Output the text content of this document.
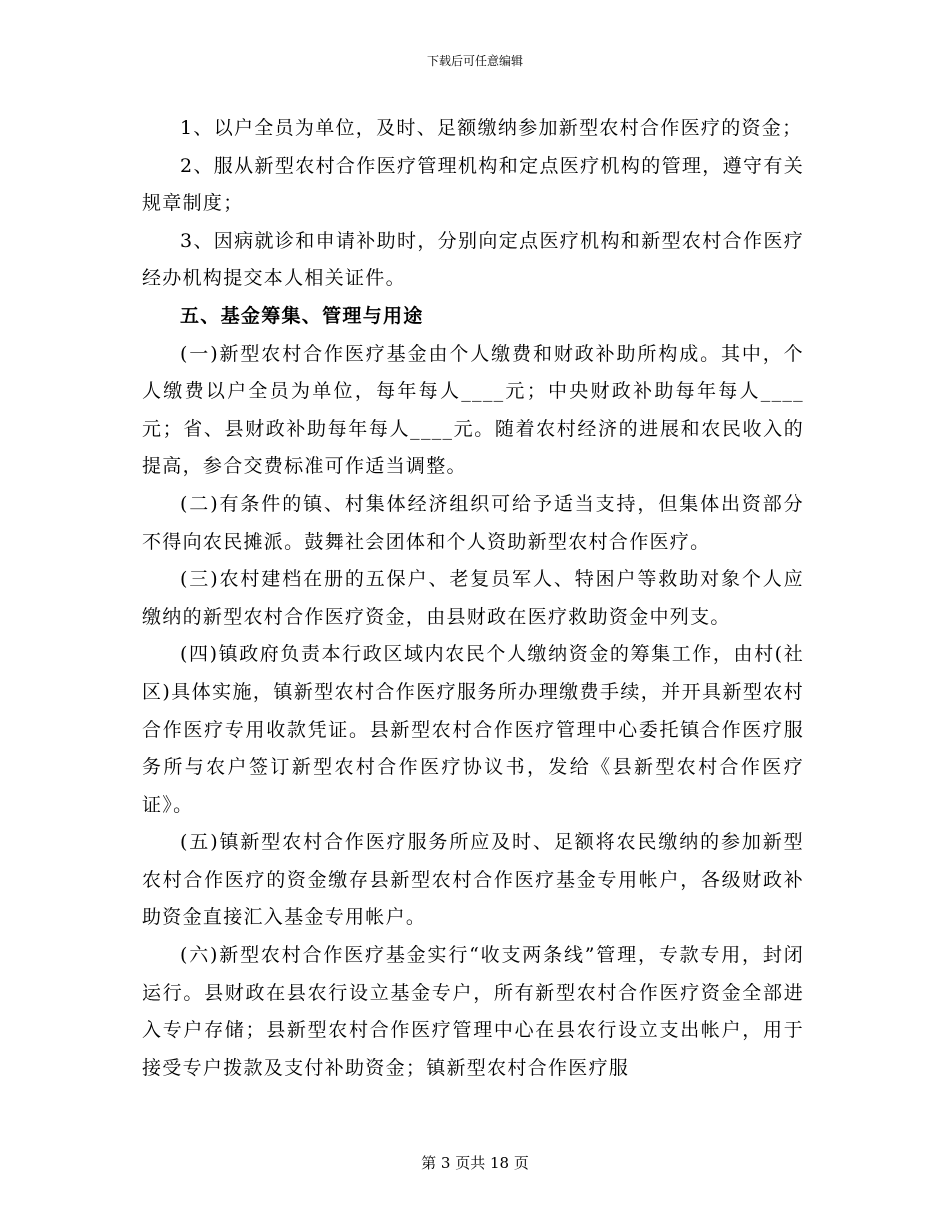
下载后可任意编辑

1、以户全员为单位，及时、足额缴纳参加新型农村合作医疗的资金；

2、服从新型农村合作医疗管理机构和定点医疗机构的管理，遵守有关规章制度；

3、因病就诊和申请补助时，分别向定点医疗机构和新型农村合作医疗经办机构提交本人相关证件。

五、基金筹集、管理与用途

(一)新型农村合作医疗基金由个人缴费和财政补助所构成。其中，个人缴费以户全员为单位，每年每人____元；中央财政补助每年每人____元；省、县财政补助每年每人____元。随着农村经济的进展和农民收入的提高，参合交费标准可作适当调整。

(二)有条件的镇、村集体经济组织可给予适当支持，但集体出资部分不得向农民摊派。鼓舞社会团体和个人资助新型农村合作医疗。

(三)农村建档在册的五保户、老复员军人、特困户等救助对象个人应缴纳的新型农村合作医疗资金，由县财政在医疗救助资金中列支。

(四)镇政府负责本行政区域内农民个人缴纳资金的筹集工作，由村(社区)具体实施，镇新型农村合作医疗服务所办理缴费手续，并开具新型农村合作医疗专用收款凭证。县新型农村合作医疗管理中心委托镇合作医疗服务所与农户签订新型农村合作医疗协议书，发给《县新型农村合作医疗证》。

(五)镇新型农村合作医疗服务所应及时、足额将农民缴纳的参加新型农村合作医疗的资金缴存县新型农村合作医疗基金专用帐户，各级财政补助资金直接汇入基金专用帐户。

(六)新型农村合作医疗基金实行“收支两条线”管理，专款专用，封闭运行。县财政在县农行设立基金专户，所有新型农村合作医疗资金全部进入专户存储；县新型农村合作医疗管理中心在县农行设立支出帐户，用于接受专户拨款及支付补助资金；镇新型农村合作医疗服

第 3 页共 18 页
